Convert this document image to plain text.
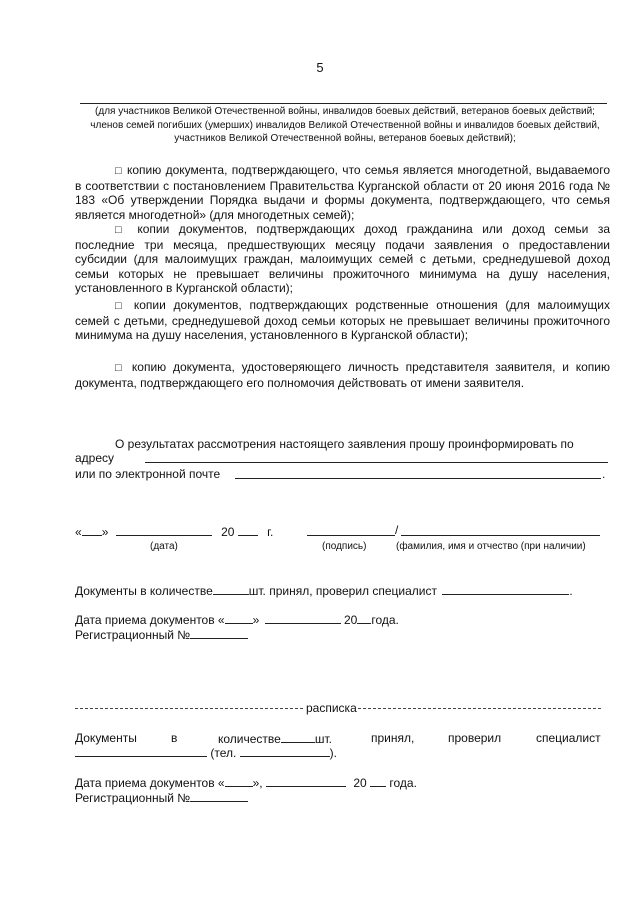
5
(для участников Великой Отечественной войны, инвалидов боевых действий, ветеранов боевых действий; членов семей погибших (умерших) инвалидов Великой Отечественной войны и инвалидов боевых действий, участников Великой Отечественной войны, ветеранов боевых действий);
□ копию документа, подтверждающего, что семья является многодетной, выдаваемого в соответствии с постановлением Правительства Курганской области от 20 июня 2016 года № 183 «Об утверждении Порядка выдачи и формы документа, подтверждающего, что семья является многодетной» (для многодетных семей);
□ копии документов, подтверждающих доход гражданина или доход семьи за последние три месяца, предшествующих месяцу подачи заявления о предоставлении субсидии (для малоимущих граждан, малоимущих семей с детьми, среднедушевой доход семьи которых не превышает величины прожиточного минимума на душу населения, установленного в Курганской области);
□ копии документов, подтверждающих родственные отношения (для малоимущих семей с детьми, среднедушевой доход семьи которых не превышает величины прожиточного минимума на душу населения, установленного в Курганской области);
□ копию документа, удостоверяющего личность представителя заявителя, и копию документа, подтверждающего его полномочия действовать от имени заявителя.
О результатах рассмотрения настоящего заявления прошу проинформировать по
адресу
или по электронной почте	.
« »	20	г.	/
(дата)	(подпись)	(фамилия, имя и отчество (при наличии)
Документы в количестве	шт. принял, проверил специалист	.
Дата приема документов « »	20 года.
Регистрационный №
расписка
Документы	в	количестве	шт.	принял,	проверил	специалист
(тел.	).
Дата приема документов « »,	20 года.
Регистрационный №
